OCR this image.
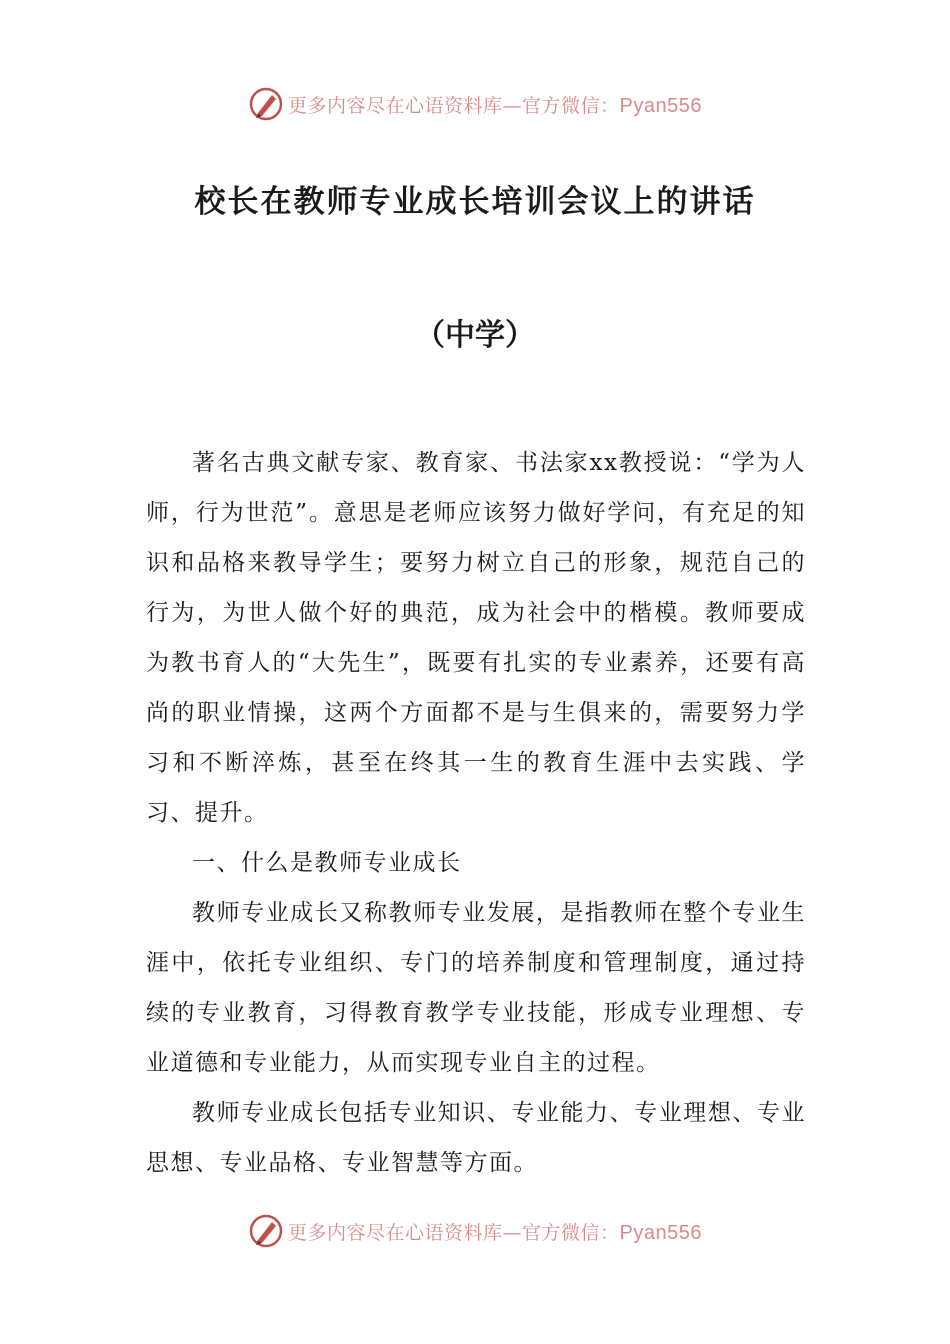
更多内容尽在心语资料库—官方微信：Pyan556
校长在教师专业成长培训会议上的讲话
（中学）

著名古典文献专家、教育家、书法家xx教授说：“学为人师，行为世范”。意思是老师应该努力做好学问，有充足的知识和品格来教导学生；要努力树立自己的形象，规范自己的行为，为世人做个好的典范，成为社会中的楷模。教师要成为教书育人的“大先生”，既要有扎实的专业素养，还要有高尚的职业情操，这两个方面都不是与生俱来的，需要努力学习和不断淬炼，甚至在终其一生的教育生涯中去实践、学习、提升。

一、什么是教师专业成长

教师专业成长又称教师专业发展，是指教师在整个专业生涯中，依托专业组织、专门的培养制度和管理制度，通过持续的专业教育，习得教育教学专业技能，形成专业理想、专业道德和专业能力，从而实现专业自主的过程。

教师专业成长包括专业知识、专业能力、专业理想、专业思想、专业品格、专业智慧等方面。

更多内容尽在心语资料库—官方微信：Pyan556
